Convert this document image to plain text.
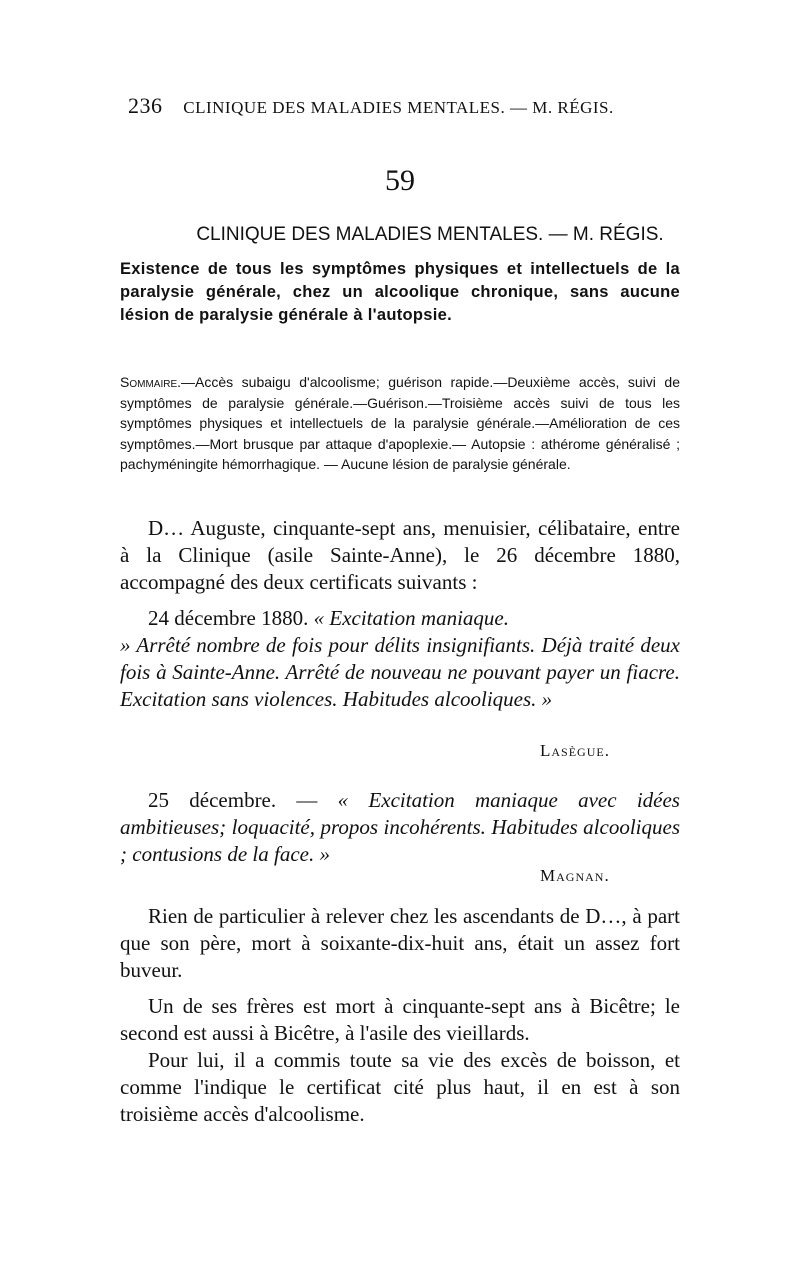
236 CLINIQUE DES MALADIES MENTALES. — M. RÉGIS.
59
CLINIQUE DES MALADIES MENTALES. — M. RÉGIS.
Existence de tous les symptômes physiques et intellectuels de la paralysie générale, chez un alcoolique chronique, sans aucune lésion de paralysie générale à l'autopsie.
Sommaire.—Accès subaigu d'alcoolisme; guérison rapide.—Deuxième accès, suivi de symptômes de paralysie générale.—Guérison.—Troisième accès suivi de tous les symptômes physiques et intellectuels de la paralysie générale.—Amélioration de ces symptômes.—Mort brusque par attaque d'apoplexie.— Autopsie : athérome généralisé ; pachyméningite hémorrhagique. — Aucune lésion de paralysie générale.
D… Auguste, cinquante-sept ans, menuisier, célibataire, entre à la Clinique (asile Sainte-Anne), le 26 décembre 1880, accompagné des deux certificats suivants :
24 décembre 1880. « Excitation maniaque.
» Arrêté nombre de fois pour délits insignifiants. Déjà traité deux fois à Sainte-Anne. Arrêté de nouveau ne pouvant payer un fiacre. Excitation sans violences. Habitudes alcooliques. »
Lasègue.
25 décembre. — « Excitation maniaque avec idées ambitieuses; loquacité, propos incohérents. Habitudes alcooliques ; contusions de la face. »
Magnan.
Rien de particulier à relever chez les ascendants de D…, à part que son père, mort à soixante-dix-huit ans, était un assez fort buveur.
Un de ses frères est mort à cinquante-sept ans à Bicêtre; le second est aussi à Bicêtre, à l'asile des vieillards.
Pour lui, il a commis toute sa vie des excès de boisson, et comme l'indique le certificat cité plus haut, il en est à son troisième accès d'alcoolisme.
